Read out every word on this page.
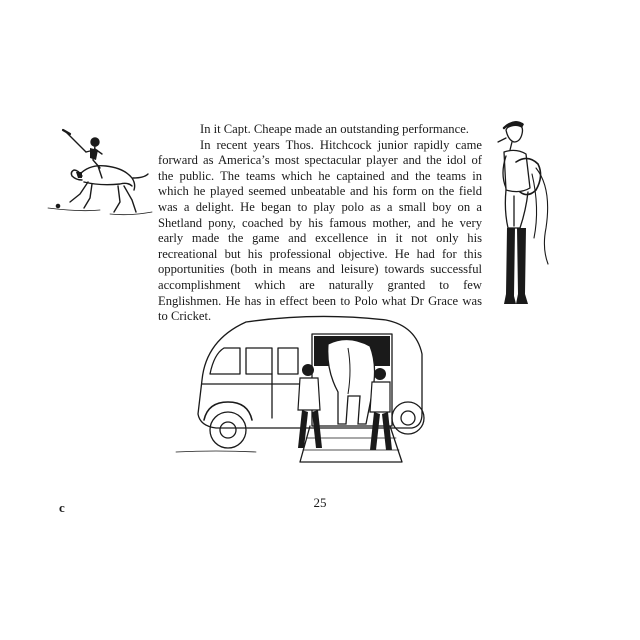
In it Capt. Cheape made an outstanding performance.

In recent years Thos. Hitchcock junior rapidly came forward as America’s most spectacular player and the idol of the public. The teams which he captained and the teams in which he played seemed unbeatable and his form on the field was a delight. He began to play polo as a small boy on a Shetland pony, coached by his famous mother, and he very early made the game and excellence in it not only his recreational but his professional objective. He had for this opportunities (both in means and leisure) towards successful accomplishment which are naturally granted to few Englishmen. He has in effect been to Polo what Dr Grace was to Cricket.

25
c
